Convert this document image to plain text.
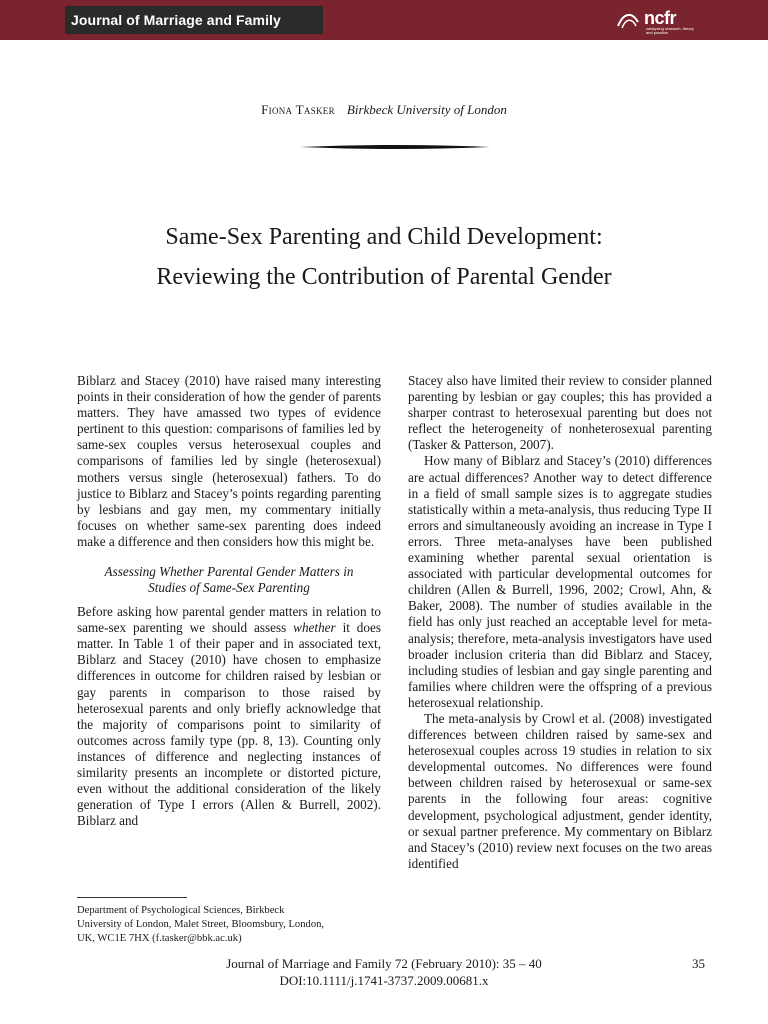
Journal of Marriage and Family	ncfr
catalyzing research, theory and practice
Fiona Tasker Birkbeck University of London
Same-Sex Parenting and Child Development:
Reviewing the Contribution of Parental Gender

Biblarz and Stacey (2010) have raised many interesting points in their consideration of how the gender of parents matters. They have amassed two types of evidence pertinent to this question: comparisons of families led by same-sex couples versus heterosexual couples and comparisons of families led by single (heterosexual) mothers versus single (heterosexual) fathers. To do justice to Biblarz and Stacey’s points regarding parenting by lesbians and gay men, my commentary initially focuses on whether same-sex parenting does indeed make a difference and then considers how this might be.

Assessing Whether Parental Gender Matters in Studies of Same-Sex Parenting

Before asking how parental gender matters in relation to same-sex parenting we should assess whether it does matter. In Table 1 of their paper and in associated text, Biblarz and Stacey (2010) have chosen to emphasize differences in outcome for children raised by lesbian or gay parents in comparison to those raised by heterosexual parents and only briefly acknowledge that the majority of comparisons point to similarity of outcomes across family type (pp. 8, 13). Counting only instances of difference and neglecting instances of similarity presents an incomplete or distorted picture, even without the additional consideration of the likely generation of Type I errors (Allen & Burrell, 2002). Biblarz and

Stacey also have limited their review to consider planned parenting by lesbian or gay couples; this has provided a sharper contrast to heterosexual parenting but does not reflect the heterogeneity of nonheterosexual parenting (Tasker & Patterson, 2007).

How many of Biblarz and Stacey’s (2010) differences are actual differences? Another way to detect difference in a field of small sample sizes is to aggregate studies statistically within a meta-analysis, thus reducing Type II errors and simultaneously avoiding an increase in Type I errors. Three meta-analyses have been published examining whether parental sexual orientation is associated with particular developmental outcomes for children (Allen & Burrell, 1996, 2002; Crowl, Ahn, & Baker, 2008). The number of studies available in the field has only just reached an acceptable level for meta-analysis; therefore, meta-analysis investigators have used broader inclusion criteria than did Biblarz and Stacey, including studies of lesbian and gay single parenting and families where children were the offspring of a previous heterosexual relationship.

The meta-analysis by Crowl et al. (2008) investigated differences between children raised by same-sex and heterosexual couples across 19 studies in relation to six developmental outcomes. No differences were found between children raised by heterosexual or same-sex parents in the following four areas: cognitive development, psychological adjustment, gender identity, or sexual partner preference. My commentary on Biblarz and Stacey’s (2010) review next focuses on the two areas identified

Department of Psychological Sciences, Birkbeck
University of London, Malet Street, Bloomsbury, London,
UK, WC1E 7HX (f.tasker@bbk.ac.uk)
Journal of Marriage and Family 72 (February 2010): 35 – 40
DOI:10.1111/j.1741-3737.2009.00681.x
35
